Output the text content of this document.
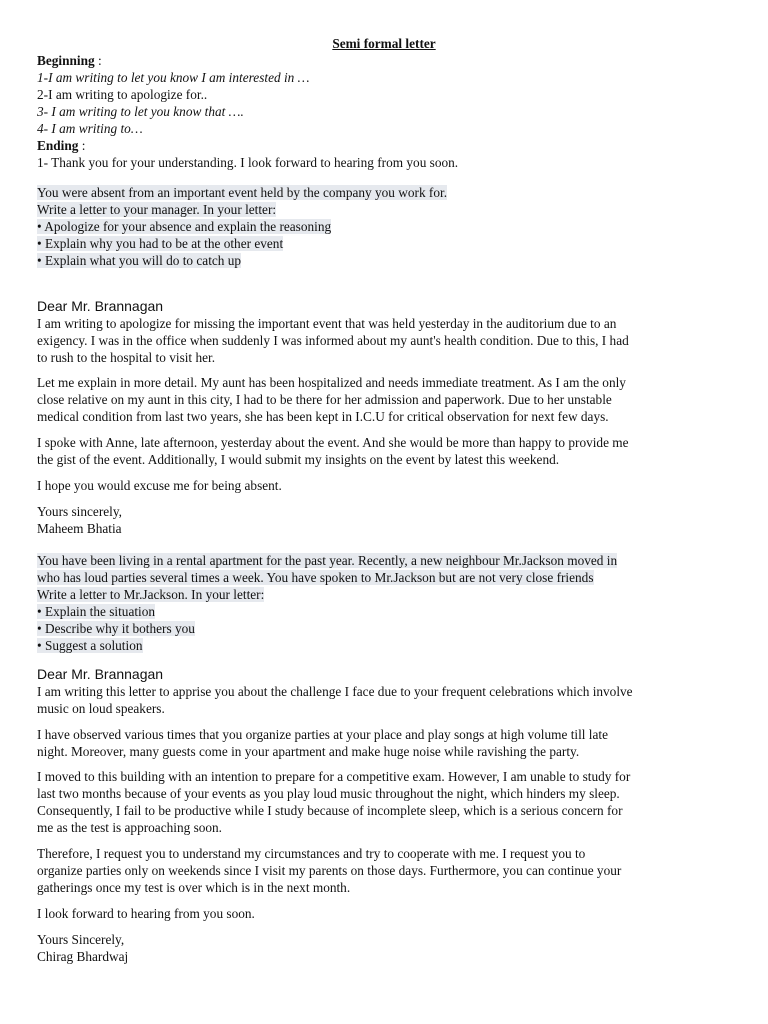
Semi formal letter
Beginning :
1-I am writing to let you know I am interested in …
2-I am writing to apologize for..
3- I am writing to let you know that ….
4- I am writing to…
Ending :
1- Thank you for your understanding. I look forward to hearing from you soon.
You were absent from an important event held by the company you work for.
Write a letter to your manager. In your letter:
• Apologize for your absence and explain the reasoning
• Explain why you had to be at the other event
• Explain what you will do to catch up
Dear Mr. Brannagan
I am writing to apologize for missing the important event that was held yesterday in the auditorium due to an
exigency. I was in the office when suddenly I was informed about my aunt's health condition. Due to this, I had
to rush to the hospital to visit her.
Let me explain in more detail. My aunt has been hospitalized and needs immediate treatment. As I am the only
close relative on my aunt in this city, I had to be there for her admission and paperwork. Due to her unstable
medical condition from last two years, she has been kept in I.C.U for critical observation for next few days.
I spoke with Anne, late afternoon, yesterday about the event. And she would be more than happy to provide me
the gist of the event. Additionally, I would submit my insights on the event by latest this weekend.
I hope you would excuse me for being absent.
Yours sincerely,
Maheem Bhatia
You have been living in a rental apartment for the past year. Recently, a new neighbour Mr.Jackson moved in
who has loud parties several times a week. You have spoken to Mr.Jackson but are not very close friends
Write a letter to Mr.Jackson. In your letter:
• Explain the situation
• Describe why it bothers you
• Suggest a solution
Dear Mr. Brannagan
I am writing this letter to apprise you about the challenge I face due to your frequent celebrations which involve
music on loud speakers.
I have observed various times that you organize parties at your place and play songs at high volume till late
night. Moreover, many guests come in your apartment and make huge noise while ravishing the party.
I moved to this building with an intention to prepare for a competitive exam. However, I am unable to study for
last two months because of your events as you play loud music throughout the night, which hinders my sleep.
Consequently, I fail to be productive while I study because of incomplete sleep, which is a serious concern for
me as the test is approaching soon.
Therefore, I request you to understand my circumstances and try to cooperate with me. I request you to
organize parties only on weekends since I visit my parents on those days. Furthermore, you can continue your
gatherings once my test is over which is in the next month.
I look forward to hearing from you soon.
Yours Sincerely,
Chirag Bhardwaj
